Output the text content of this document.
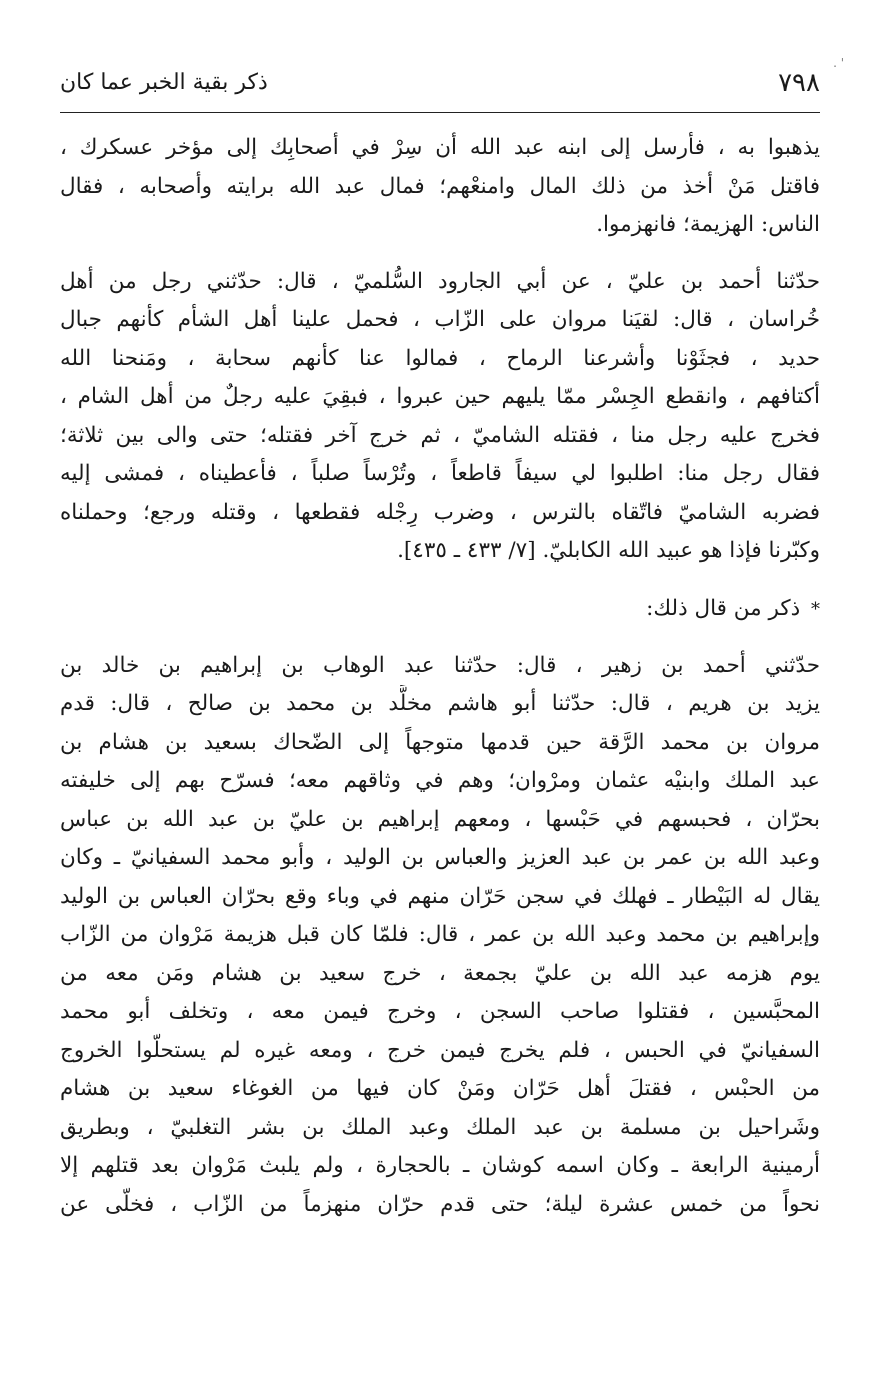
٧٩٨
ذكر بقية الخبر عما كان
' .
يذهبوا به ، فأرسل إلى ابنه عبد الله أن سِرْ في أصحابِك إلى مؤخر عسكرك ،
فاقتل مَنْ أخذ من ذلك المال وامنعْهم؛ فمال عبد الله برايته وأصحابه ، فقال
الناس: الهزيمة؛ فانهزموا.
حدّثنا أحمد بن عليّ ، عن أبي الجارود السُّلميّ ، قال: حدّثني رجل من أهل
خُراسان ، قال: لقيَنا مروان على الزّاب ، فحمل علينا أهل الشأم كأنهم جبال
حديد ، فجثَوْنا وأشرعنا الرماح ، فمالوا عنا كأنهم سحابة ، ومَنحنا الله
أكتافهم ، وانقطع الجِسْر ممّا يليهم حين عبروا ، فبقِيَ عليه رجلٌ من أهل الشام ،
فخرج عليه رجل منا ، فقتله الشاميّ ، ثم خرج آخر فقتله؛ حتى والى بين ثلاثة؛
فقال رجل منا: اطلبوا لي سيفاً قاطعاً ، وتُرْساً صلباً ، فأعطيناه ، فمشى إليه
فضربه الشاميّ فاتّقاه بالترس ، وضرب رِجْله فقطعها ، وقتله ورجع؛ وحملناه
وكبّرنا فإذا هو عبيد الله الكابليّ. [٧/ ٤٣٣ ـ ٤٣٥].
* ذكر من قال ذلك:
حدّثني أحمد بن زهير ، قال: حدّثنا عبد الوهاب بن إبراهيم بن خالد بن
يزيد بن هريم ، قال: حدّثنا أبو هاشم مخلَّد بن محمد بن صالح ، قال: قدم
مروان بن محمد الرَّقة حين قدمها متوجهاً إلى الضّحاك بسعيد بن هشام بن
عبد الملك وابنيْه عثمان ومرْوان؛ وهم في وثاقهم معه؛ فسرّح بهم إلى خليفته
بحرّان ، فحبسهم في حَبْسها ، ومعهم إبراهيم بن عليّ بن عبد الله بن عباس
وعبد الله بن عمر بن عبد العزيز والعباس بن الوليد ، وأبو محمد السفيانيّ ـ وكان
يقال له البَيْطار ـ فهلك في سجن حَرّان منهم في وباء وقع بحرّان العباس بن الوليد
وإبراهيم بن محمد وعبد الله بن عمر ، قال: فلمّا كان قبل هزيمة مَرْوان من الزّاب
يوم هزمه عبد الله بن عليّ بجمعة ، خرج سعيد بن هشام ومَن معه من
المحبَّسين ، فقتلوا صاحب السجن ، وخرج فيمن معه ، وتخلف أبو محمد
السفيانيّ في الحبس ، فلم يخرج فيمن خرج ، ومعه غيره لم يستحلّوا الخروج
من الحبْس ، فقتلَ أهل حَرّان ومَنْ كان فيها من الغوغاء سعيد بن هشام
وشَراحيل بن مسلمة بن عبد الملك وعبد الملك بن بشر التغلبيّ ، وبطريق
أرمينية الرابعة ـ وكان اسمه كوشان ـ بالحجارة ، ولم يلبث مَرْوان بعد قتلهم إلا
نحواً من خمس عشرة ليلة؛ حتى قدم حرّان منهزماً من الزّاب ، فخلّى عن
